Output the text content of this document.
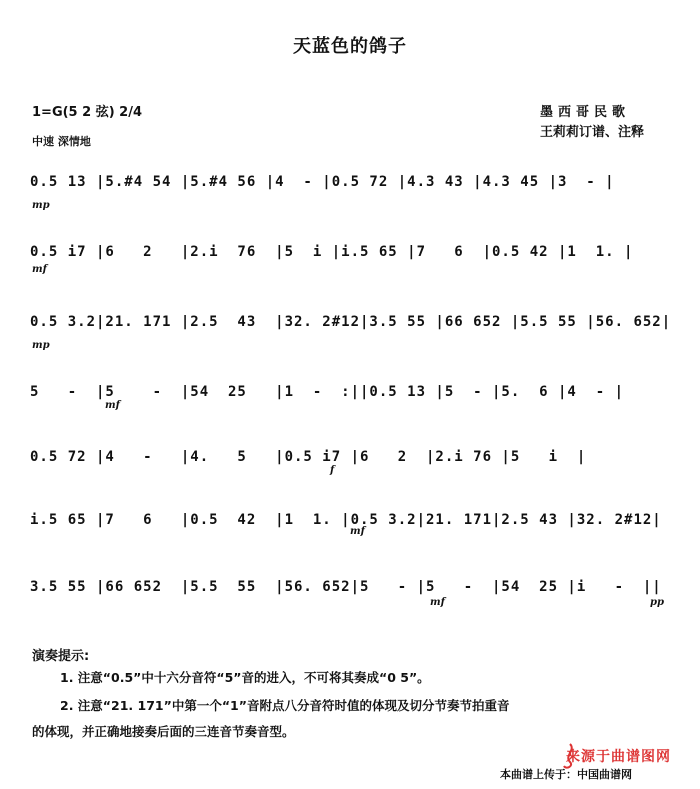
天蓝色的鸽子
1=G(5 2 弦) 2/4
中速 深情地
墨西哥民歌
王莉莉订谱、注释
0.5 13 |5.#4 54 |5.#4 56 |4  - |0.5 72 |4.3 43 |4.3 45 |3  - |
mp
0.5 i7 |6   2   |2.i  76  |5  i |i.5 65 |7   6  |0.5 42 |1  1. |
mf
0.5 3.2|21. 171 |2.5  43  |32. 2#12|3.5 55 |66 652 |5.5 55 |56. 652|
mp
5   -  |5    -  |54  25   |1  -  :||0.5 13 |5  - |5.  6 |4  - |
mf
0.5 72 |4   -   |4.   5   |0.5 i7 |6   2  |2.i 76 |5   i  |
f
i.5 65 |7   6   |0.5  42  |1  1. |0.5 3.2|21. 171|2.5 43 |32. 2#12|
mf
3.5 55 |66 652  |5.5  55  |56. 652|5   - |5   -  |54  25 |i   -  ||
mf	pp
演奏提示:
1. 注意“0.5”中十六分音符“5”音的进入，不可将其奏成“0 5”。
2. 注意“21. 171”中第一个“1”音附点八分音符时值的体现及切分节奏节拍重音
的体现，并正确地接奏后面的三连音节奏音型。
来源于曲谱图网
本曲谱上传于：中国曲谱网
